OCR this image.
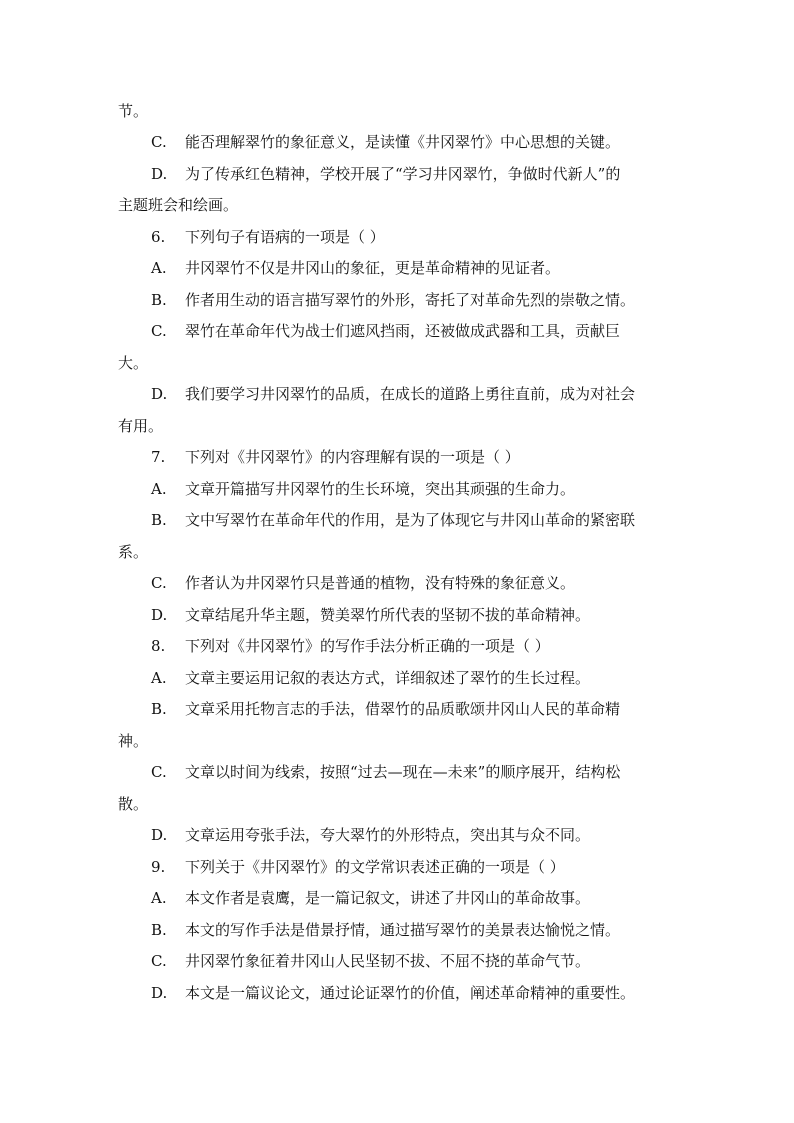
节。
C. 能否理解翠竹的象征意义，是读懂《井冈翠竹》中心思想的关键。
D. 为了传承红色精神，学校开展了“学习井冈翠竹，争做时代新人”的
主题班会和绘画。
6. 下列句子有语病的一项是（ ）
A. 井冈翠竹不仅是井冈山的象征，更是革命精神的见证者。
B. 作者用生动的语言描写翠竹的外形，寄托了对革命先烈的崇敬之情。
C. 翠竹在革命年代为战士们遮风挡雨，还被做成武器和工具，贡献巨
大。
D. 我们要学习井冈翠竹的品质，在成长的道路上勇往直前，成为对社会
有用。
7. 下列对《井冈翠竹》的内容理解有误的一项是（ ）
A. 文章开篇描写井冈翠竹的生长环境，突出其顽强的生命力。
B. 文中写翠竹在革命年代的作用，是为了体现它与井冈山革命的紧密联
系。
C. 作者认为井冈翠竹只是普通的植物，没有特殊的象征意义。
D. 文章结尾升华主题，赞美翠竹所代表的坚韧不拔的革命精神。
8. 下列对《井冈翠竹》的写作手法分析正确的一项是（ ）
A. 文章主要运用记叙的表达方式，详细叙述了翠竹的生长过程。
B. 文章采用托物言志的手法，借翠竹的品质歌颂井冈山人民的革命精
神。
C. 文章以时间为线索，按照“过去—现在—未来”的顺序展开，结构松
散。
D. 文章运用夸张手法，夸大翠竹的外形特点，突出其与众不同。
9. 下列关于《井冈翠竹》的文学常识表述正确的一项是（ ）
A. 本文作者是袁鹰，是一篇记叙文，讲述了井冈山的革命故事。
B. 本文的写作手法是借景抒情，通过描写翠竹的美景表达愉悦之情。
C. 井冈翠竹象征着井冈山人民坚韧不拔、不屈不挠的革命气节。
D. 本文是一篇议论文，通过论证翠竹的价值，阐述革命精神的重要性。
